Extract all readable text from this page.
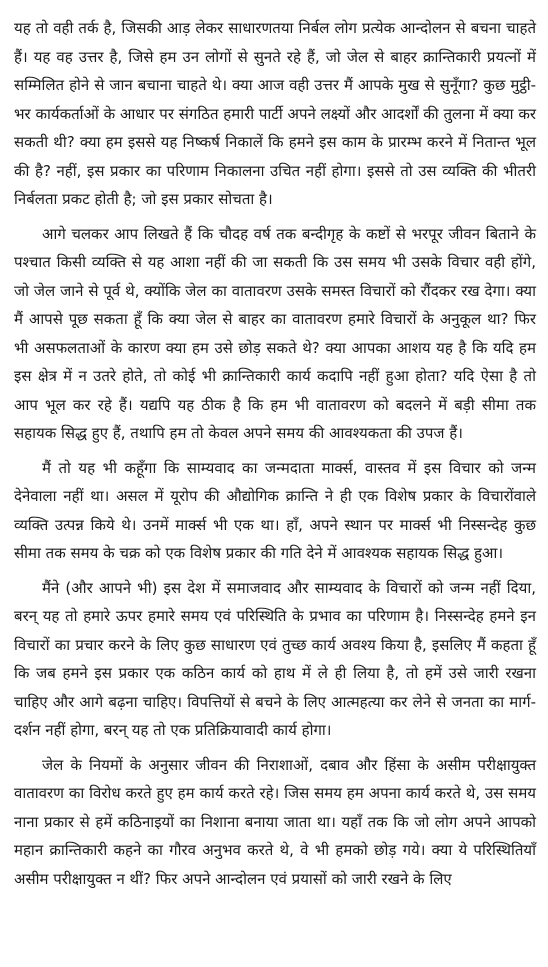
यह तो वही तर्क है, जिसकी आड़ लेकर साधारणतया निर्बल लोग प्रत्येक आन्दोलन से बचना चाहते हैं। यह वह उत्तर है, जिसे हम उन लोगों से सुनते रहे हैं, जो जेल से बाहर क्रान्तिकारी प्रयत्नों में सम्मिलित होने से जान बचाना चाहते थे। क्या आज वही उत्तर मैं आपके मुख से सुनूँगा? कुछ मुट्ठी-भर कार्यकर्ताओं के आधार पर संगठित हमारी पार्टी अपने लक्ष्यों और आदर्शों की तुलना में क्या कर सकती थी? क्या हम इससे यह निष्कर्ष निकालें कि हमने इस काम के प्रारम्भ करने में नितान्त भूल की है? नहीं, इस प्रकार का परिणाम निकालना उचित नहीं होगा। इससे तो उस व्यक्ति की भीतरी निर्बलता प्रकट होती है; जो इस प्रकार सोचता है।

आगे चलकर आप लिखते हैं कि चौदह वर्ष तक बन्दीगृह के कष्टों से भरपूर जीवन बिताने के पश्चात किसी व्यक्ति से यह आशा नहीं की जा सकती कि उस समय भी उसके विचार वही होंगे, जो जेल जाने से पूर्व थे, क्योंकि जेल का वातावरण उसके समस्त विचारों को रौंदकर रख देगा। क्या मैं आपसे पूछ सकता हूँ कि क्या जेल से बाहर का वातावरण हमारे विचारों के अनुकूल था? फिर भी असफलताओं के कारण क्या हम उसे छोड़ सकते थे? क्या आपका आशय यह है कि यदि हम इस क्षेत्र में न उतरे होते, तो कोई भी क्रान्तिकारी कार्य कदापि नहीं हुआ होता? यदि ऐसा है तो आप भूल कर रहे हैं। यद्यपि यह ठीक है कि हम भी वातावरण को बदलने में बड़ी सीमा तक सहायक सिद्ध हुए हैं, तथापि हम तो केवल अपने समय की आवश्यकता की उपज हैं।

मैं तो यह भी कहूँगा कि साम्यवाद का जन्मदाता मार्क्स, वास्तव में इस विचार को जन्म देनेवाला नहीं था। असल में यूरोप की औद्योगिक क्रान्ति ने ही एक विशेष प्रकार के विचारोंवाले व्यक्ति उत्पन्न किये थे। उनमें मार्क्स भी एक था। हाँ, अपने स्थान पर मार्क्स भी निस्सन्देह कुछ सीमा तक समय के चक्र को एक विशेष प्रकार की गति देने में आवश्यक सहायक सिद्ध हुआ।

मैंने (और आपने भी) इस देश में समाजवाद और साम्यवाद के विचारों को जन्म नहीं दिया, बरन् यह तो हमारे ऊपर हमारे समय एवं परिस्थिति के प्रभाव का परिणाम है। निस्सन्देह हमने इन विचारों का प्रचार करने के लिए कुछ साधारण एवं तुच्छ कार्य अवश्य किया है, इसलिए मैं कहता हूँ कि जब हमने इस प्रकार एक कठिन कार्य को हाथ में ले ही लिया है, तो हमें उसे जारी रखना चाहिए और आगे बढ़ना चाहिए। विपत्तियों से बचने के लिए आत्महत्या कर लेने से जनता का मार्ग-दर्शन नहीं होगा, बरन् यह तो एक प्रतिक्रियावादी कार्य होगा।

जेल के नियमों के अनुसार जीवन की निराशाओं, दबाव और हिंसा के असीम परीक्षायुक्त वातावरण का विरोध करते हुए हम कार्य करते रहे। जिस समय हम अपना कार्य करते थे, उस समय नाना प्रकार से हमें कठिनाइयों का निशाना बनाया जाता था। यहाँ तक कि जो लोग अपने आपको महान क्रान्तिकारी कहने का गौरव अनुभव करते थे, वे भी हमको छोड़ गये। क्या ये परिस्थितियाँ असीम परीक्षायुक्त न थीं? फिर अपने आन्दोलन एवं प्रयासों को जारी रखने के लिए
